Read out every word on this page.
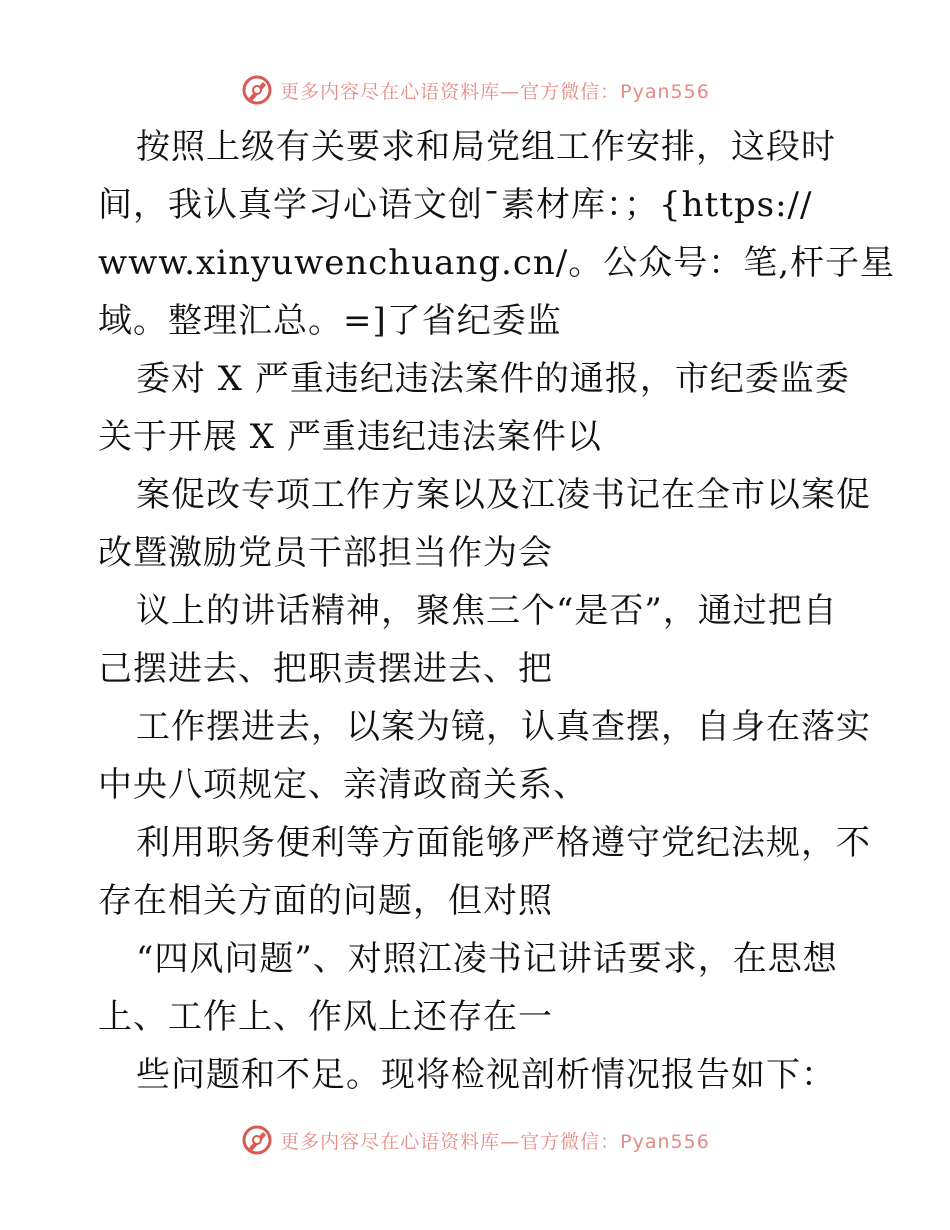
更多内容尽在心语资料库—官方微信：Pyan556
按照上级有关要求和局党组工作安排，这段时
间，我认真学习心语文创¯素材库：；{https://
www.xinyuwenchuang.cn/。公众号：笔,杆子星
域。整理汇总。=]了省纪委监
委对 X 严重违纪违法案件的通报，市纪委监委
关于开展 X 严重违纪违法案件以
案促改专项工作方案以及江凌书记在全市以案促
改暨激励党员干部担当作为会
议上的讲话精神，聚焦三个“是否”，通过把自
己摆进去、把职责摆进去、把
工作摆进去，以案为镜，认真查摆，自身在落实
中央八项规定、亲清政商关系、
利用职务便利等方面能够严格遵守党纪法规，不
存在相关方面的问题，但对照
“四风问题”、对照江凌书记讲话要求，在思想
上、工作上、作风上还存在一
些问题和不足。现将检视剖析情况报告如下：
更多内容尽在心语资料库—官方微信：Pyan556
